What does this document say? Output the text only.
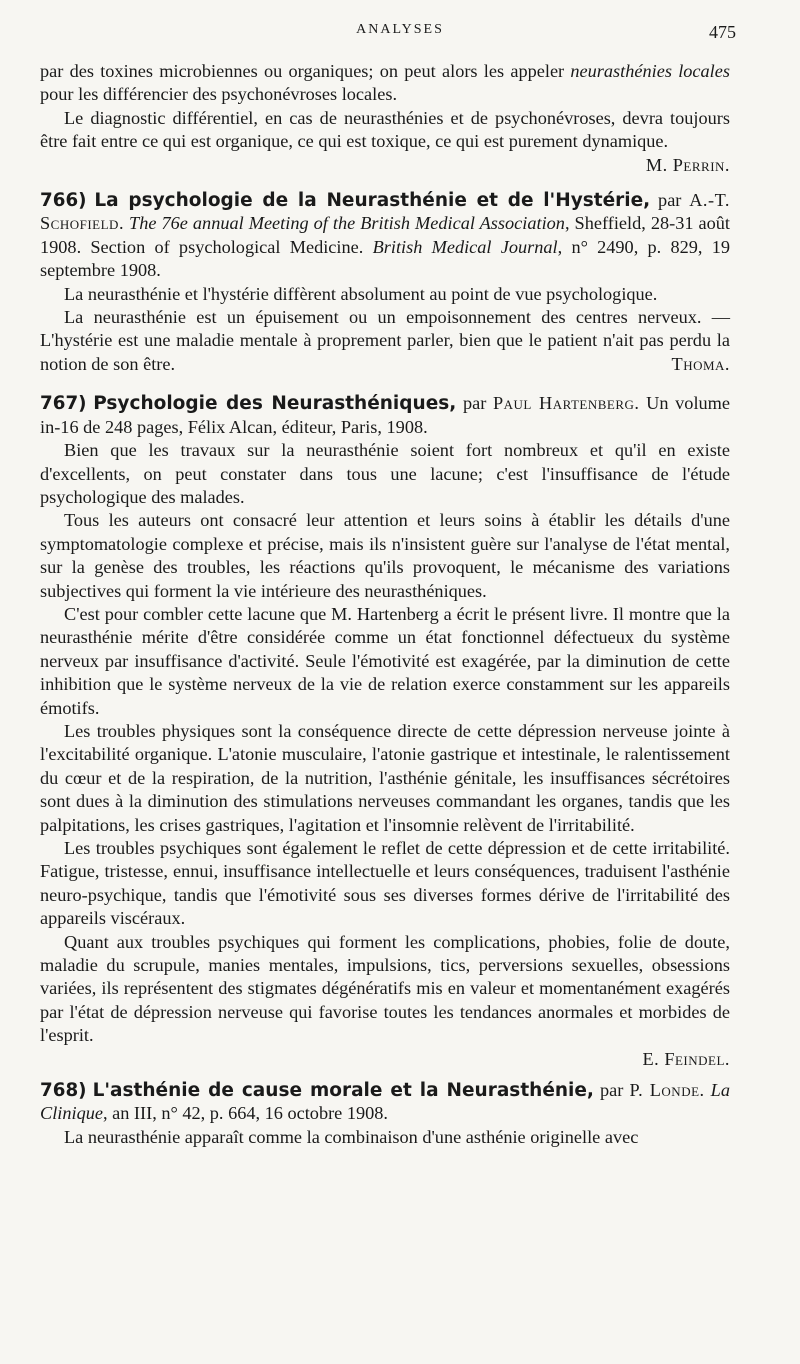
ANALYSES	475

par des toxines microbiennes ou organiques; on peut alors les appeler neurasthénies locales pour les différencier des psychonévroses locales.

Le diagnostic différentiel, en cas de neurasthénies et de psychonévroses, devra toujours être fait entre ce qui est organique, ce qui est toxique, ce qui est purement dynamique.

M. Perrin.

766) La psychologie de la Neurasthénie et de l'Hystérie, par A.-T. Schofield. The 76e annual Meeting of the British Medical Association, Sheffield, 28-31 août 1908. Section of psychological Medicine. British Medical Journal, n° 2490, p. 829, 19 septembre 1908.

La neurasthénie et l'hystérie diffèrent absolument au point de vue psychologique.

La neurasthénie est un épuisement ou un empoisonnement des centres nerveux. — L'hystérie est une maladie mentale à proprement parler, bien que le patient n'ait pas perdu la notion de son être.	Thoma.

767) Psychologie des Neurasthéniques, par Paul Hartenberg. Un volume in-16 de 248 pages, Félix Alcan, éditeur, Paris, 1908.

Bien que les travaux sur la neurasthénie soient fort nombreux et qu'il en existe d'excellents, on peut constater dans tous une lacune; c'est l'insuffisance de l'étude psychologique des malades.

Tous les auteurs ont consacré leur attention et leurs soins à établir les détails d'une symptomatologie complexe et précise, mais ils n'insistent guère sur l'analyse de l'état mental, sur la genèse des troubles, les réactions qu'ils provoquent, le mécanisme des variations subjectives qui forment la vie intérieure des neurasthéniques.

C'est pour combler cette lacune que M. Hartenberg a écrit le présent livre. Il montre que la neurasthénie mérite d'être considérée comme un état fonctionnel défectueux du système nerveux par insuffisance d'activité. Seule l'émotivité est exagérée, par la diminution de cette inhibition que le système nerveux de la vie de relation exerce constamment sur les appareils émotifs.

Les troubles physiques sont la conséquence directe de cette dépression nerveuse jointe à l'excitabilité organique. L'atonie musculaire, l'atonie gastrique et intestinale, le ralentissement du cœur et de la respiration, de la nutrition, l'asthénie génitale, les insuffisances sécrétoires sont dues à la diminution des stimulations nerveuses commandant les organes, tandis que les palpitations, les crises gastriques, l'agitation et l'insomnie relèvent de l'irritabilité.

Les troubles psychiques sont également le reflet de cette dépression et de cette irritabilité. Fatigue, tristesse, ennui, insuffisance intellectuelle et leurs conséquences, traduisent l'asthénie neuro-psychique, tandis que l'émotivité sous ses diverses formes dérive de l'irritabilité des appareils viscéraux.

Quant aux troubles psychiques qui forment les complications, phobies, folie de doute, maladie du scrupule, manies mentales, impulsions, tics, perversions sexuelles, obsessions variées, ils représentent des stigmates dégénératifs mis en valeur et momentanément exagérés par l'état de dépression nerveuse qui favorise toutes les tendances anormales et morbides de l'esprit.

E. Feindel.

768) L'asthénie de cause morale et la Neurasthénie, par P. Londe. La Clinique, an III, n° 42, p. 664, 16 octobre 1908.

La neurasthénie apparaît comme la combinaison d'une asthénie originelle avec
